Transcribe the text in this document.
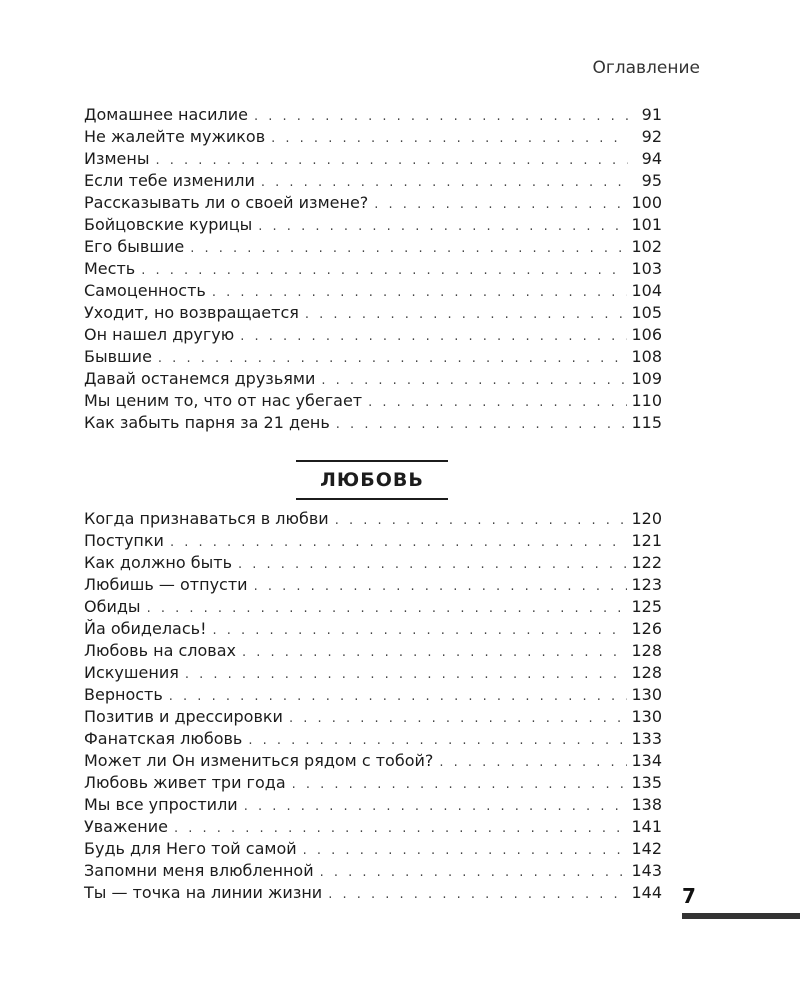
Оглавление
Домашнее насилие . . .	91
Не жалейте мужиков . . .	92
Измены . . .	94
Если тебе изменили . . .	95
Рассказывать ли о своей измене? . . .	100
Бойцовские курицы . . .	101
Его бывшие . . .	102
Месть . . .	103
Самоценность . . .	104
Уходит, но возвращается . . .	105
Он нашел другую . . .	106
Бывшие . . .	108
Давай останемся друзьями . . .	109
Мы ценим то, что от нас убегает . . .	110
Как забыть парня за 21 день . . .	115
ЛЮБОВЬ
Когда признаваться в любви . . .	120
Поступки . . .	121
Как должно быть . . .	122
Любишь — отпусти . . .	123
Обиды . . .	125
Йа обиделась! . . .	126
Любовь на словах . . .	128
Искушения . . .	128
Верность . . .	130
Позитив и дрессировки . . .	130
Фанатская любовь . . .	133
Может ли Он измениться рядом с тобой? . . .	134
Любовь живет три года . . .	135
Мы все упростили . . .	138
Уважение . . .	141
Будь для Него той самой . . .	142
Запомни меня влюбленной . . .	143
Ты — точка на линии жизни . . .	144 7
